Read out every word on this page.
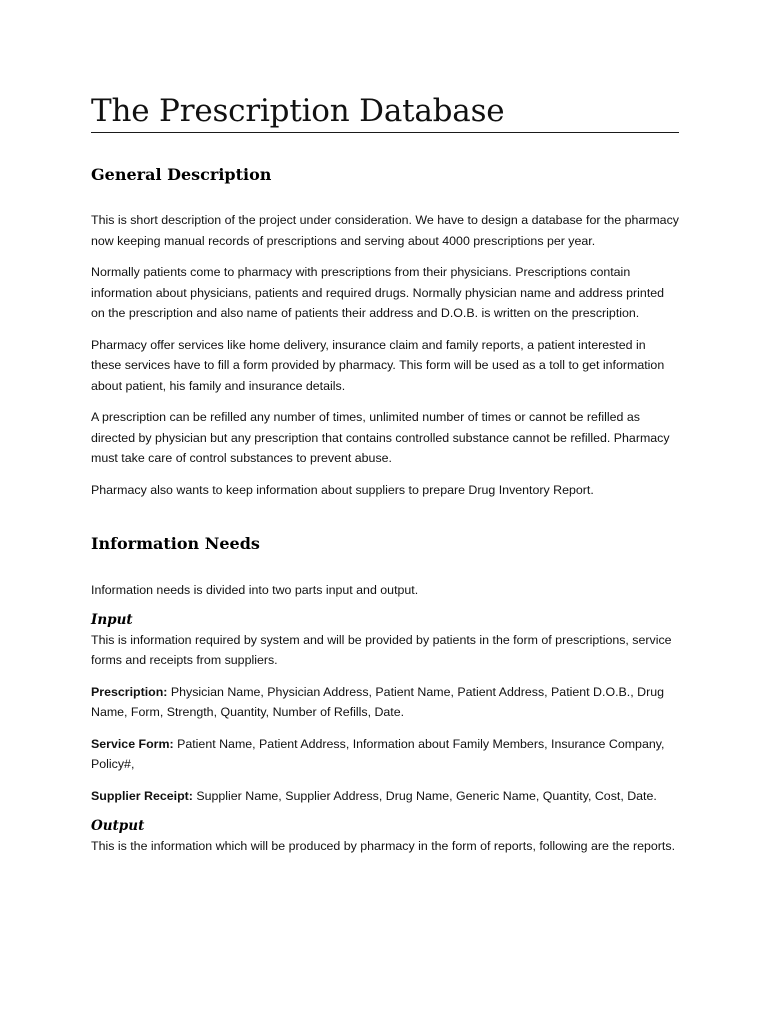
The Prescription Database
General Description

This is short description of the project under consideration. We have to design a database for the pharmacy now keeping manual records of prescriptions and serving about 4000 prescriptions per year.

Normally patients come to pharmacy with prescriptions from their physicians. Prescriptions contain information about physicians, patients and required drugs. Normally physician name and address printed on the prescription and also name of patients their address and D.O.B. is written on the prescription.

Pharmacy offer services like home delivery, insurance claim and family reports, a patient interested in these services have to fill a form provided by pharmacy. This form will be used as a toll to get information about patient, his family and insurance details.

A prescription can be refilled any number of times, unlimited number of times or cannot be refilled as directed by physician but any prescription that contains controlled substance cannot be refilled. Pharmacy must take care of control substances to prevent abuse.

Pharmacy also wants to keep information about suppliers to prepare Drug Inventory Report.

Information Needs

Information needs is divided into two parts input and output.

Input

This is information required by system and will be provided by patients in the form of prescriptions, service forms and receipts from suppliers.

Prescription: Physician Name, Physician Address, Patient Name, Patient Address, Patient D.O.B., Drug Name, Form, Strength, Quantity, Number of Refills, Date.

Service Form: Patient Name, Patient Address, Information about Family Members, Insurance Company, Policy#,

Supplier Receipt: Supplier Name, Supplier Address, Drug Name, Generic Name, Quantity, Cost, Date.

Output

This is the information which will be produced by pharmacy in the form of reports, following are the reports.
